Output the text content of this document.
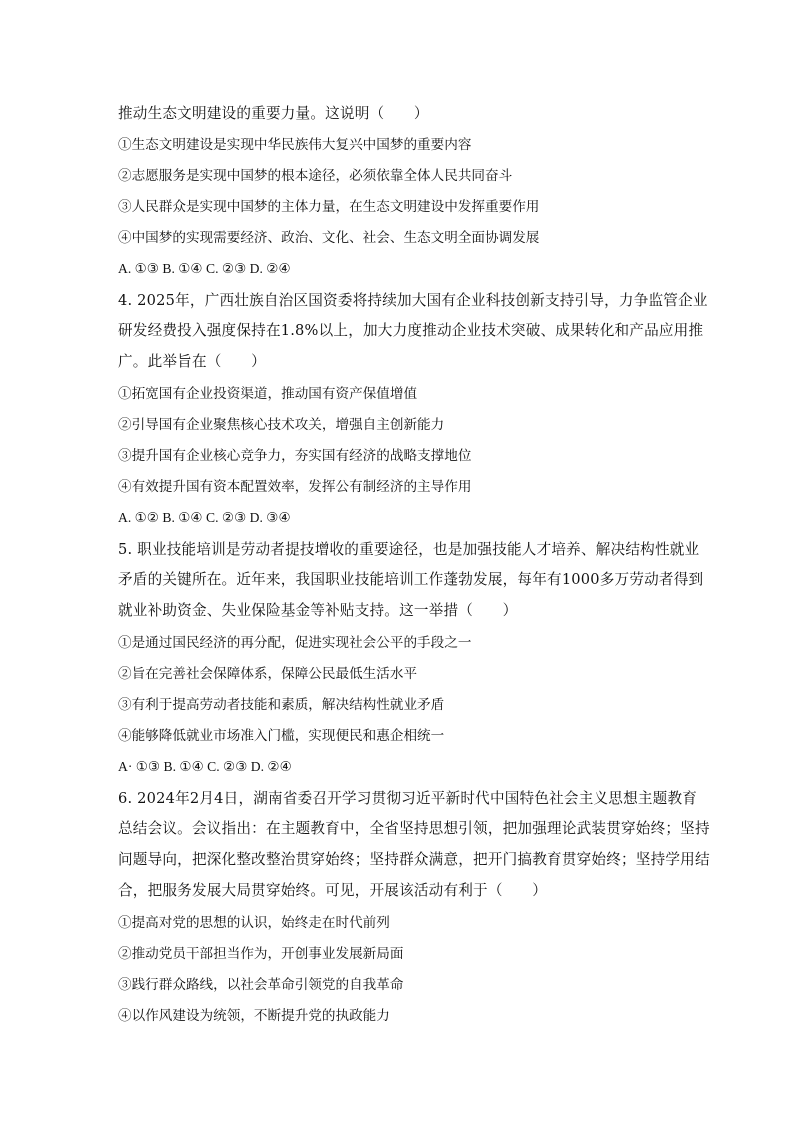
推动生态文明建设的重要力量。这说明（　　）
①生态文明建设是实现中华民族伟大复兴中国梦的重要内容
②志愿服务是实现中国梦的根本途径，必须依靠全体人民共同奋斗
③人民群众是实现中国梦的主体力量，在生态文明建设中发挥重要作用
④中国梦的实现需要经济、政治、文化、社会、生态文明全面协调发展
A. ①③ B. ①④ C. ②③ D. ②④
4. 2025年，广西壮族自治区国资委将持续加大国有企业科技创新支持引导，力争监管企业
研发经费投入强度保持在1.8%以上，加大力度推动企业技术突破、成果转化和产品应用推
广。此举旨在（　　）
①拓宽国有企业投资渠道，推动国有资产保值增值
②引导国有企业聚焦核心技术攻关，增强自主创新能力
③提升国有企业核心竞争力，夯实国有经济的战略支撑地位
④有效提升国有资本配置效率，发挥公有制经济的主导作用
A. ①② B. ①④ C. ②③ D. ③④
5. 职业技能培训是劳动者提技增收的重要途径，也是加强技能人才培养、解决结构性就业
矛盾的关键所在。近年来，我国职业技能培训工作蓬勃发展，每年有1000多万劳动者得到
就业补助资金、失业保险基金等补贴支持。这一举措（　　）
①是通过国民经济的再分配，促进实现社会公平的手段之一
②旨在完善社会保障体系，保障公民最低生活水平
③有利于提高劳动者技能和素质，解决结构性就业矛盾
④能够降低就业市场准入门槛，实现便民和惠企相统一
A· ①③ B. ①④ C. ②③ D. ②④
6. 2024年2月4日，湖南省委召开学习贯彻习近平新时代中国特色社会主义思想主题教育
总结会议。会议指出：在主题教育中，全省坚持思想引领，把加强理论武装贯穿始终；坚持
问题导向，把深化整改整治贯穿始终；坚持群众满意，把开门搞教育贯穿始终；坚持学用结
合，把服务发展大局贯穿始终。可见，开展该活动有利于（　　）
①提高对党的思想的认识，始终走在时代前列
②推动党员干部担当作为，开创事业发展新局面
③践行群众路线，以社会革命引领党的自我革命
④以作风建设为统领，不断提升党的执政能力
